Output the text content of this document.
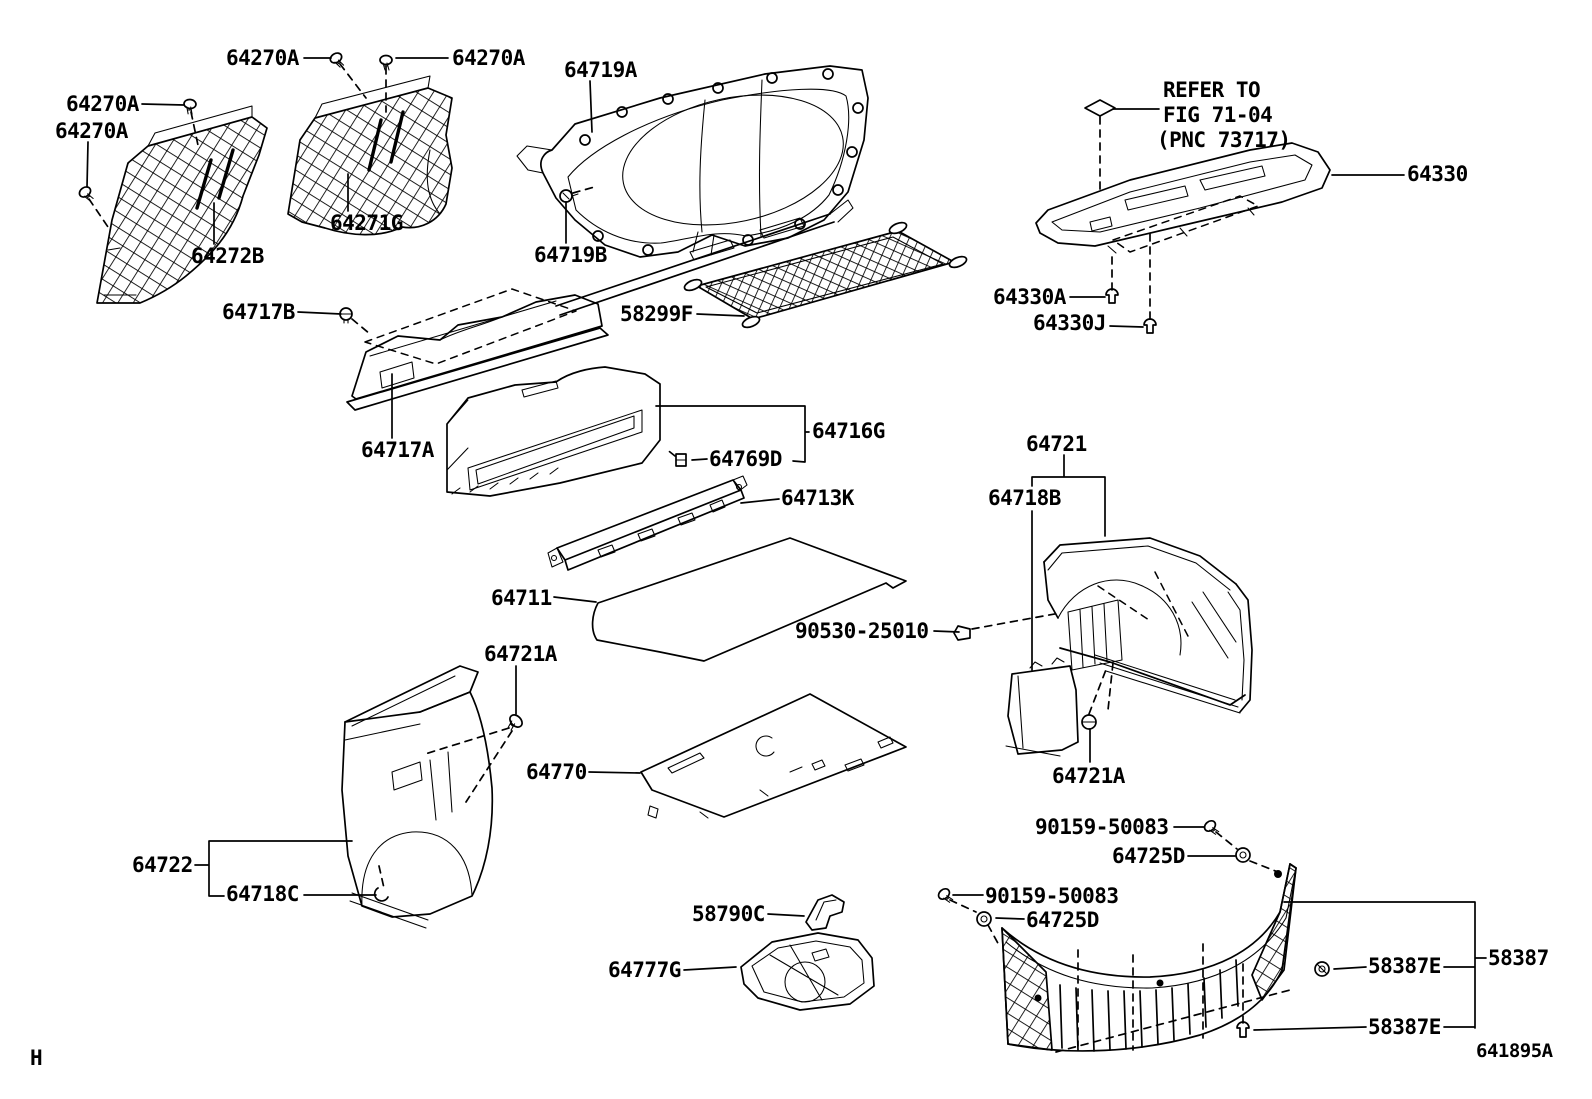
64270A	64270A
64270A
64270A
64272B
64271G
64717B
64717A
64719A
64719B
58299F
REFER TO
FIG 71-04
(PNC 73717)
64330
64330A
64330J
64716G
64769D
64713K
64711
90530-25010
64721
64718B
64721A
64721A
64770
64722
64718C
58790C
64777G
90159-50083
64725D
90159-50083
64725D
58387E 58387
58387E
641895A
H
